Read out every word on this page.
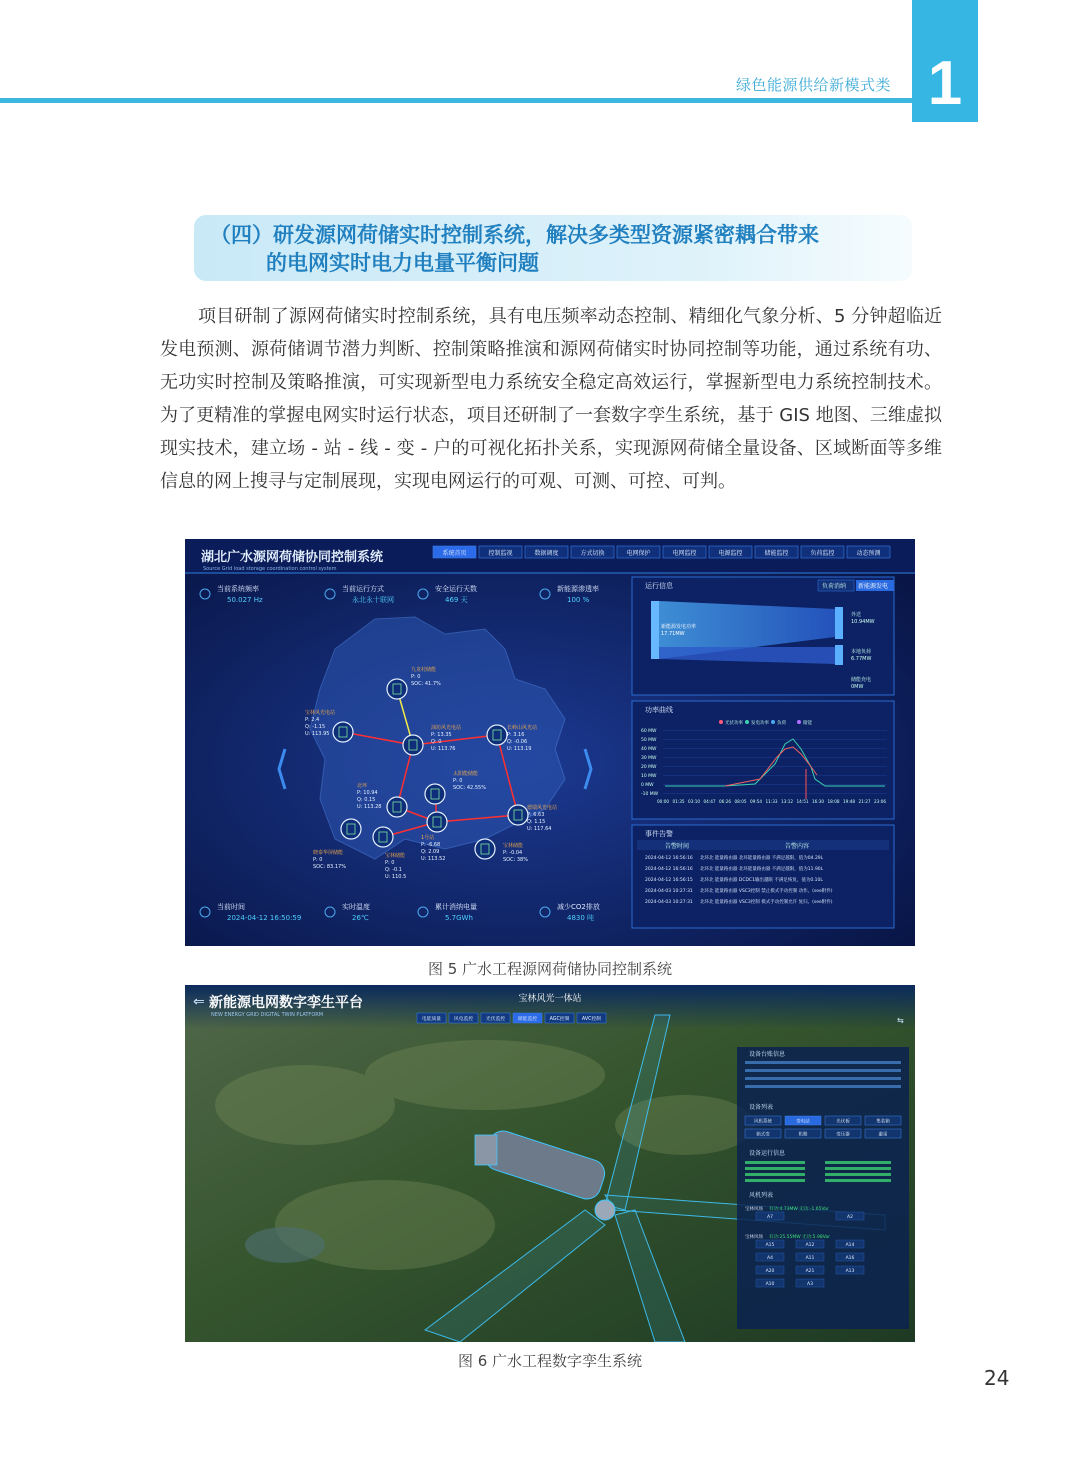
绿色能源供给新模式类 1
（四）研发源网荷储实时控制系统，解决多类型资源紧密耦合带来
的电网实时电力电量平衡问题
项目研制了源网荷储实时控制系统，具有电压频率动态控制、精细化气象分析、5 分钟超临近发电预测、源荷储调节潜力判断、控制策略推演和源网荷储实时协同控制等功能，通过系统有功、无功实时控制及策略推演，可实现新型电力系统安全稳定高效运行，掌握新型电力系统控制技术。为了更精准的掌握电网实时运行状态，项目还研制了一套数字孪生系统，基于 GIS 地图、三维虚拟现实技术，建立场 - 站 - 线 - 变 - 户的可视化拓扑关系，实现源网荷储全量设备、区域断面等多维信息的网上搜寻与定制展现，实现电网运行的可观、可测、可控、可判。
湖北广水源网荷储协同控制系统
Source Grid load storage coordination control system
系统首页	控制监视	数据调度	方式切换	电网保护	电网监控	电源监控	储能监控	负荷监控	动态预测
当前系统频率
50.027 Hz
当前运行方式
永北永十联网
安全运行天数
469 天
新能源渗透率
100 %
当前时间
2024-04-12 16:50:59
实时温度
26℃
累计消纳电量
5.7GWh
减少CO2排放
4830 吨
九龙村储能
P: 0
SOC: 41.7%
宝林风光电站
P: 2.4
Q: -1.15
U: 113.95
油坊风光电站
P: 13.35
Q: 0
U: 113.76
长岭山风光站
P: 3.16
Q: -0.06
U: 113.19
太阳能储能
P: 0
SOC: 42.55%
北环
P: 10.94
Q: 0.15
U: 113.28	德瑞风光电站
P: 6.63
Q: 1.15
U: 117.64
1号站
P: -6.68
Q: 2.09
U: 113.52
宝林储能
P: -0.04
SOC: 38%
晓泰华屏储能
P: 0
SOC: 83.17%
宝林储能
P: 0
Q: -0.1
U: 110.5
运行信息	负荷消纳 新能源发电
新能源发电功率
17.71MW
外送
10.94MW
本地负荷
6.77MW
储能充电
0MW
功率曲线
光伏功率 发电功率 负荷	储能
60 MW
50 MW
40 MW
30 MW
20 MW
10 MW
0 MW
-10 MW
00:00 01:35 03:10 04:47 06:26 08:05 09:54 11:33 13:12 14:51 16:30 18:08 19:48 21:27 23:06
事件告警
告警时间	告警内容
2024-04-12 16:56:16 北环北 能量路由器 北环能量路由器 不满足越限，值为04.29L
2024-04-12 16:56:16 北环北 能量路由器 北环能量路由器 不满足越限，值为11.90L
2024-04-12 16:56:15 北环北 能量路由器 DCDC1输出越限 不满足恢复，值为0.10L
2024-04-03 10:27:31 北环北 能量路由器 VSC3控制 禁止模式手动控制 动作。(see附件)
2024-04-03 10:27:31 北环北 能量路由器 VSC3控制 模式手动控制允许 复归。(see附件)
图 5 广水工程源网荷储协同控制系统
⇐ 新能源电网数字孪生平台
NEW ENERGY GRID DIGITAL TWIN PLATFORM
宝林风光一体站
电能质量	风电监控	光伏监控	储能监控	AGC控制	AVC控制	⇆
设备台账信息
设备列表
风机系统	变电站	光伏板	集装箱
箱式变	机舱	变压器	避雷
设备运行信息
风机列表
宝林风场 有功:4.73MW 无功:-1.65Var
宝林风场 有功:25.55MW 无功:5.98Var
A7	A2
A15	A12	A14
A4	A11	A16
A20	A21	A13
A10	A3
图 6 广水工程数字孪生系统
24
